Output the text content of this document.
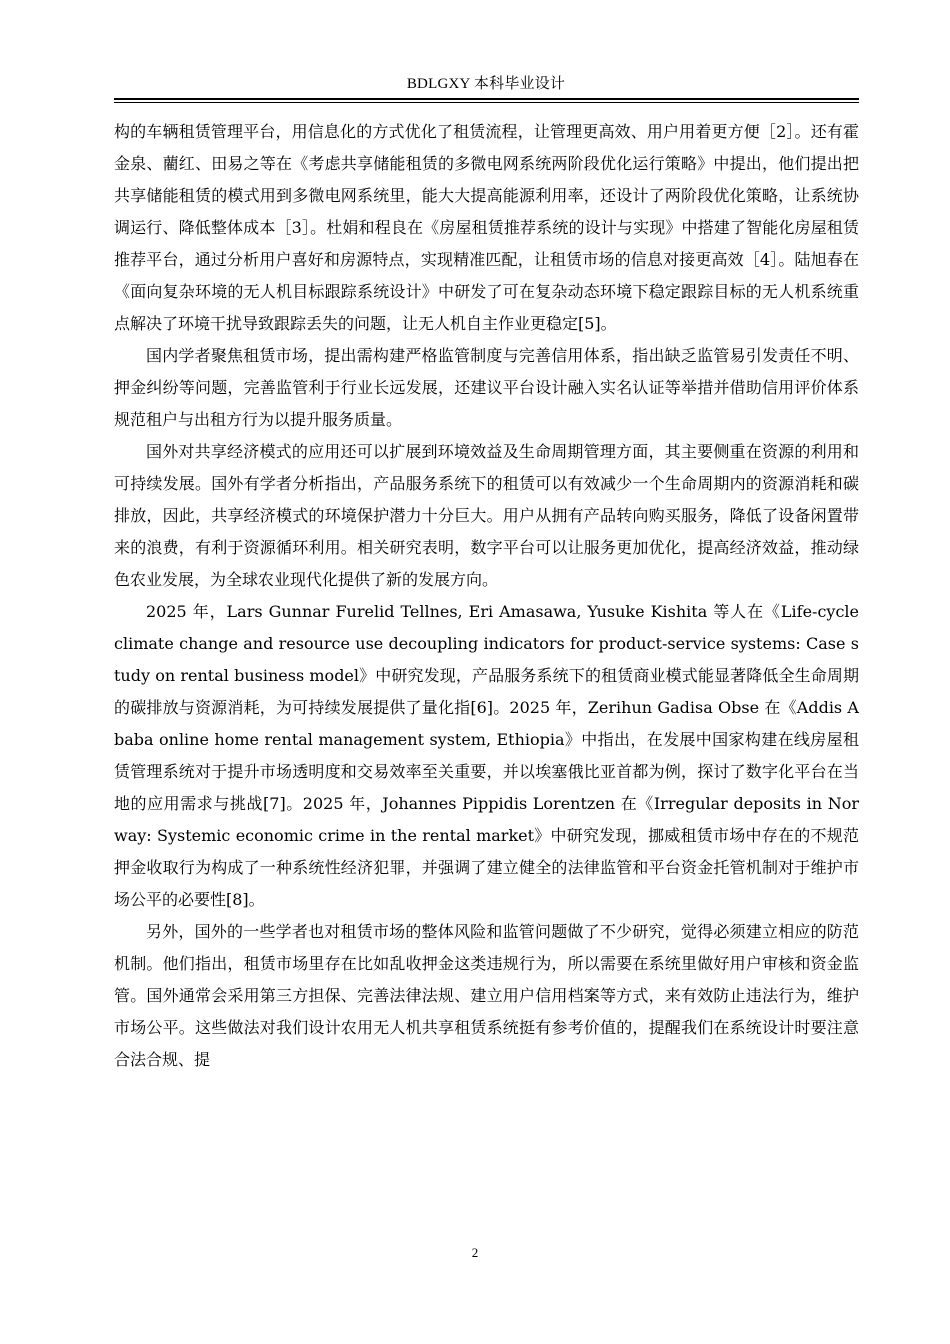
BDLGXY 本科毕业设计

构的车辆租赁管理平台，用信息化的方式优化了租赁流程，让管理更高效、用户用着更方便［2］。还有霍金泉、藺红、田易之等在《考虑共享储能租赁的多微电网系统两阶段优化运行策略》中提出，他们提出把共享储能租赁的模式用到多微电网系统里，能大大提高能源利用率，还设计了两阶段优化策略，让系统协调运行、降低整体成本［3］。杜娟和程良在《房屋租赁推荐系统的设计与实现》中搭建了智能化房屋租赁推荐平台，通过分析用户喜好和房源特点，实现精准匹配，让租赁市场的信息对接更高效［4］。陆旭春在《面向复杂环境的无人机目标跟踪系统设计》中研发了可在复杂动态环境下稳定跟踪目标的无人机系统重点解决了环境干扰导致跟踪丢失的问题，让无人机自主作业更稳定[5]。

国内学者聚焦租赁市场，提出需构建严格监管制度与完善信用体系，指出缺乏监管易引发责任不明、押金纠纷等问题，完善监管利于行业长远发展，还建议平台设计融入实名认证等举措并借助信用评价体系规范租户与出租方行为以提升服务质量。

国外对共享经济模式的应用还可以扩展到环境效益及生命周期管理方面，其主要侧重在资源的利用和可持续发展。国外有学者分析指出，产品服务系统下的租赁可以有效减少一个生命周期内的资源消耗和碳排放，因此，共享经济模式的环境保护潜力十分巨大。用户从拥有产品转向购买服务，降低了设备闲置带来的浪费，有利于资源循环利用。相关研究表明，数字平台可以让服务更加优化，提高经济效益，推动绿色农业发展，为全球农业现代化提供了新的发展方向。

2025 年，Lars Gunnar Furelid Tellnes, Eri Amasawa, Yusuke Kishita 等人在《Life-cycle climate change and resource use decoupling indicators for product-service systems: Case study on rental business model》中研究发现，产品服务系统下的租赁商业模式能显著降低全生命周期的碳排放与资源消耗，为可持续发展提供了量化指[6]。2025 年，Zerihun Gadisa Obse 在《Addis Ababa online home rental management system, Ethiopia》中指出，在发展中国家构建在线房屋租赁管理系统对于提升市场透明度和交易效率至关重要，并以埃塞俄比亚首都为例，探讨了数字化平台在当地的应用需求与挑战[7]。2025 年，Johannes Pippidis Lorentzen 在《Irregular deposits in Norway: Systemic economic crime in the rental market》中研究发现，挪威租赁市场中存在的不规范押金收取行为构成了一种系统性经济犯罪，并强调了建立健全的法律监管和平台资金托管机制对于维护市场公平的必要性[8]。

另外，国外的一些学者也对租赁市场的整体风险和监管问题做了不少研究，觉得必须建立相应的防范机制。他们指出，租赁市场里存在比如乱收押金这类违规行为，所以需要在系统里做好用户审核和资金监管。国外通常会采用第三方担保、完善法律法规、建立用户信用档案等方式，来有效防止违法行为，维护市场公平。这些做法对我们设计农用无人机共享租赁系统挺有参考价值的，提醒我们在系统设计时要注意合法合规、提

2
